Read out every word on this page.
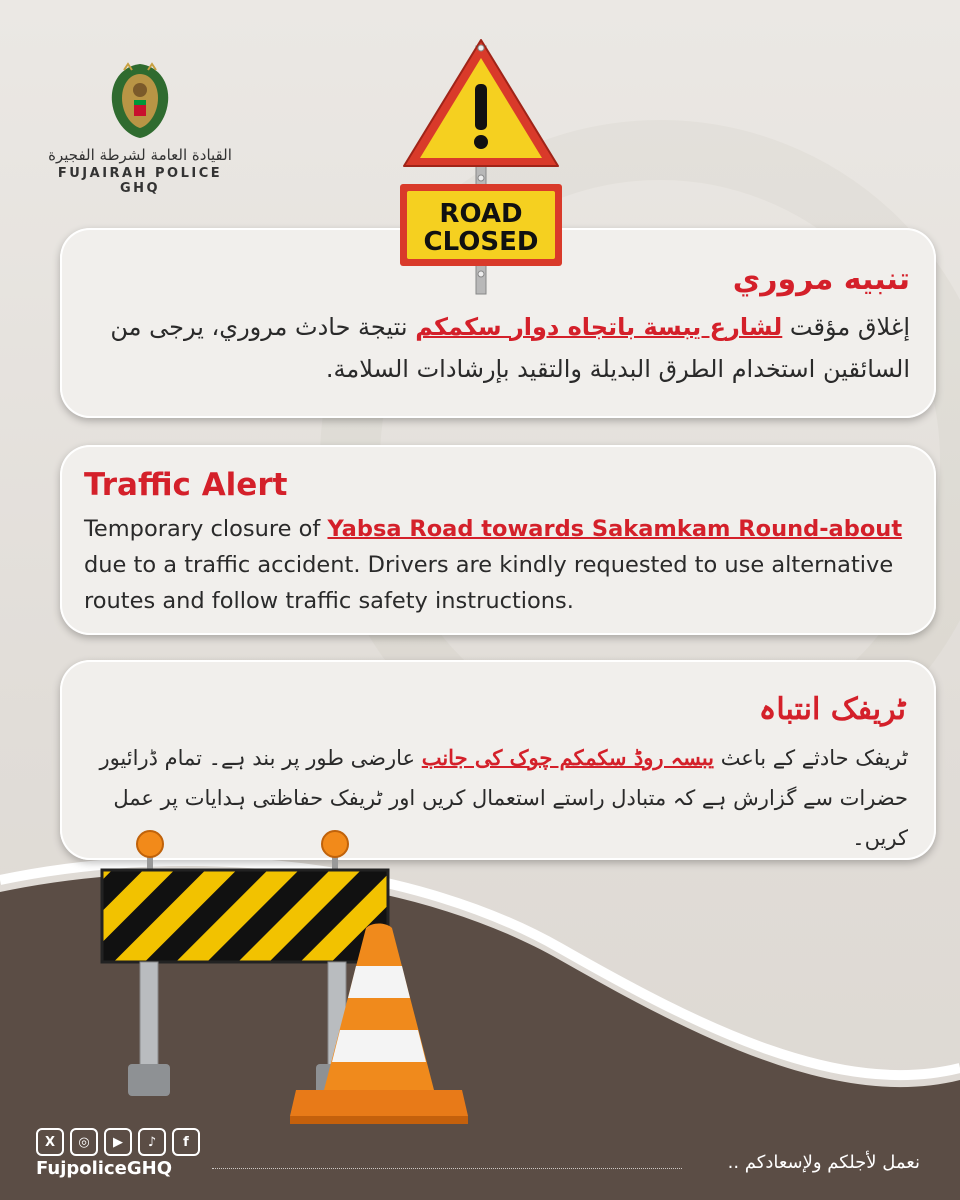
القيادة العامة لشرطة الفجيرة
FUJAIRAH POLICE GHQ
تنبيه مروري
إغلاق مؤقت لشارع يبسة باتجاه دوار سكمكم نتيجة حادث مروري، يرجى من السائقين استخدام الطرق البديلة والتقيد بإرشادات السلامة.
Traffic Alert
Temporary closure of Yabsa Road towards Sakamkam Round-about due to a traffic accident. Drivers are kindly requested to use alternative routes and follow traffic safety instructions.
ٹریفک انتباہ
ٹریفک حادثے کے باعث یبسہ روڈ سکمکم چوک کی جانب عارضی طور پر بند ہے۔ تمام ڈرائیور حضرات سے گزارش ہے کہ متبادل راستے استعمال کریں اور ٹریفک حفاظتی ہدایات پر عمل کریں۔
ROAD
CLOSED
X	◎	▶	♪	f
FujpoliceGHQ	نعمل لأجلكم ولإسعادكم ..
